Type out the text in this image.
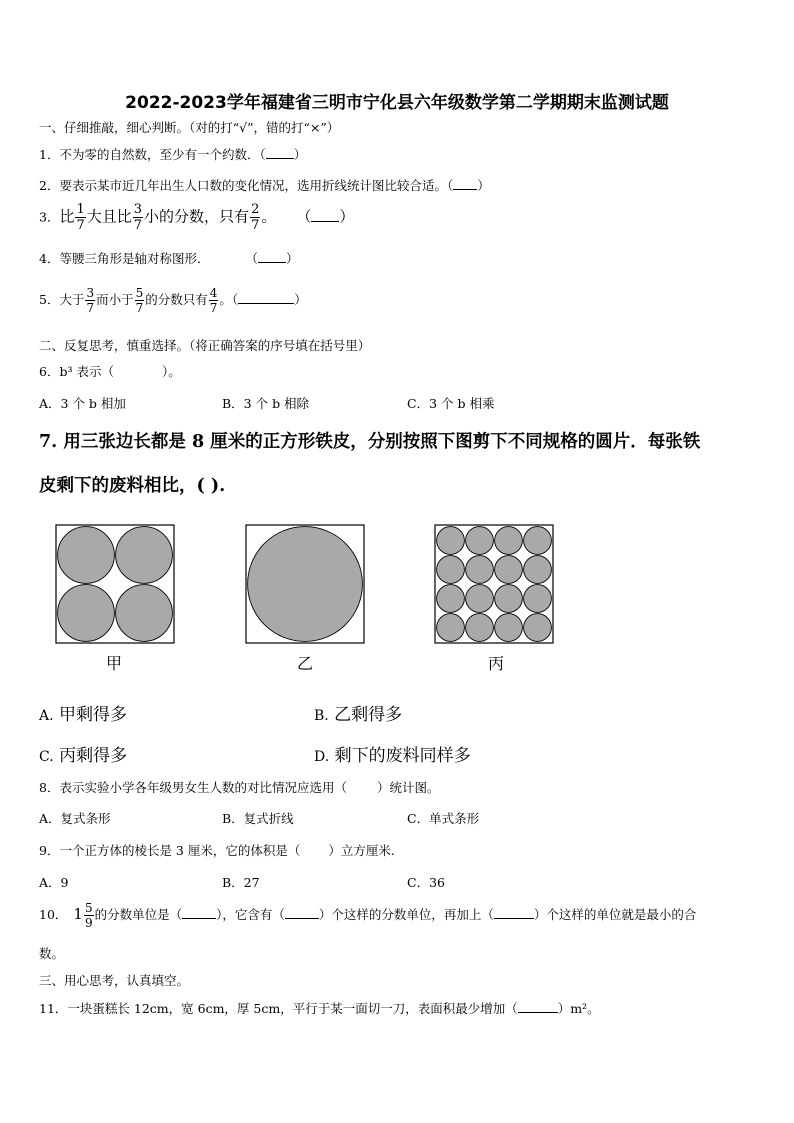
2022-2023学年福建省三明市宁化县六年级数学第二学期期末监测试题
一、仔细推敲，细心判断。（对的打“√”，错的打“×”）
1．不为零的自然数，至少有一个约数．（ ）
2．要表示某市近几年出生人口数的变化情况，选用折线统计图比较合适。（ ）
3．比 $\frac{1}{7}$ 大且比 $\frac{3}{7}$ 小的分数，只有 $\frac{2}{7}$ 。 （ ）
4．等腰三角形是轴对称图形．	（ ）
5．大于 $\frac{3}{7}$ 而小于 $\frac{5}{7}$ 的分数只有 $\frac{4}{7}$ 。（	）
二、反复思考，慎重选择。（将正确答案的序号填在括号里）
6．b³ 表示（	）。
A．3 个 b 相加	B．3 个 b 相除	C．3 个 b 相乘
7. 用三张边长都是 8 厘米的正方形铁皮，分别按照下图剪下不同规格的圆片．每张铁
皮剩下的废料相比，( ).
甲	乙	丙
A. 甲剩得多	B. 乙剩得多
C. 丙剩得多	D. 剩下的废料同样多
8．表示实验小学各年级男女生人数的对比情况应选用（ ）统计图。
A．复式条形	B．复式折线	C．单式条形
9．一个正方体的棱长是 3 厘米，它的体积是（ ）立方厘米.
A．9	B．27	C．36
10． $1 \frac{5}{9}$ 的分数单位是（	），它含有（	）个这样的分数单位，再加上（	）个这样的单位就是最小的合
数。
三、用心思考，认真填空。
11．一块蛋糕长 12cm，宽 6cm，厚 5cm，平行于某一面切一刀，表面积最少增加（	）m²。
